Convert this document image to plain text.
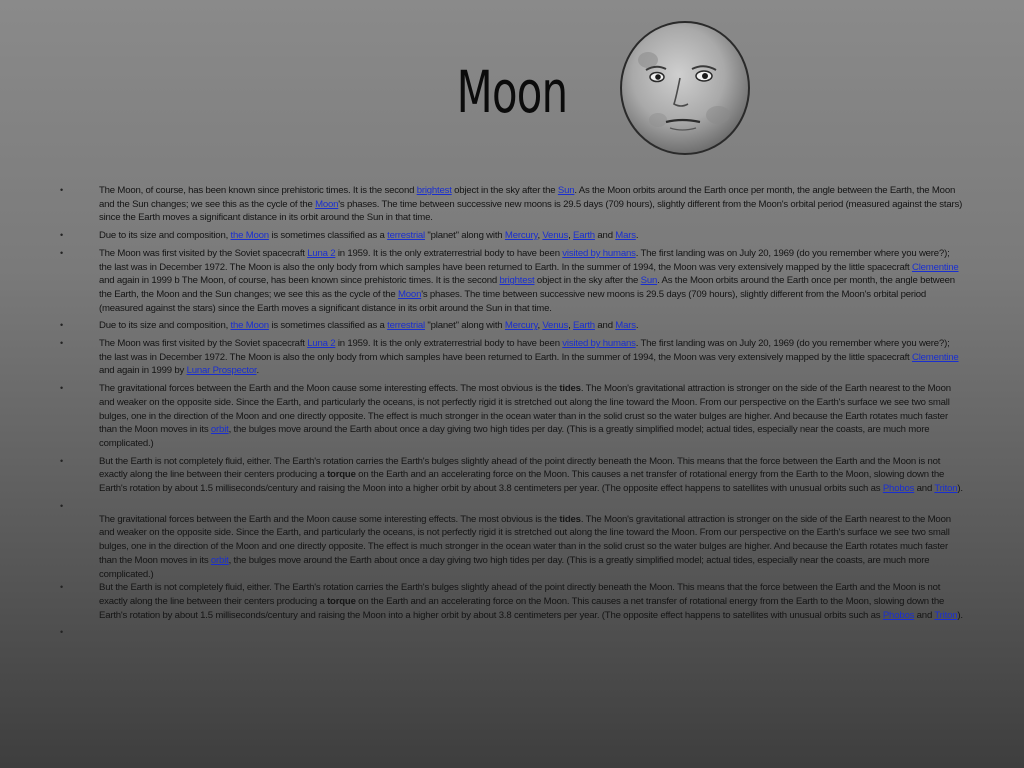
Moon
• The Moon, of course, has been known since prehistoric times. It is the second brightest object in the sky after the Sun. As the Moon orbits around the Earth once per month, the angle between the Earth, the Moon and the Sun changes; we see this as the cycle of the Moon's phases. The time between successive new moons is 29.5 days (709 hours), slightly different from the Moon's orbital period (measured against the stars) since the Earth moves a significant distance in its orbit around the Sun in that time.
• Due to its size and composition, the Moon is sometimes classified as a terrestrial "planet" along with Mercury, Venus, Earth and Mars.
• The Moon was first visited by the Soviet spacecraft Luna 2 in 1959. It is the only extraterrestrial body to have been visited by humans. The first landing was on July 20, 1969 (do you remember where you were?); the last was in December 1972. The Moon is also the only body from which samples have been returned to Earth. In the summer of 1994, the Moon was very extensively mapped by the little spacecraft Clementine and again in 1999 b The Moon, of course, has been known since prehistoric times. It is the second brightest object in the sky after the Sun. As the Moon orbits around the Earth once per month, the angle between the Earth, the Moon and the Sun changes; we see this as the cycle of the Moon's phases. The time between successive new moons is 29.5 days (709 hours), slightly different from the Moon's orbital period (measured against the stars) since the Earth moves a significant distance in its orbit around the Sun in that time.
• Due to its size and composition, the Moon is sometimes classified as a terrestrial "planet" along with Mercury, Venus, Earth and Mars.
• The Moon was first visited by the Soviet spacecraft Luna 2 in 1959. It is the only extraterrestrial body to have been visited by humans. The first landing was on July 20, 1969 (do you remember where you were?); the last was in December 1972. The Moon is also the only body from which samples have been returned to Earth. In the summer of 1994, the Moon was very extensively mapped by the little spacecraft Clementine and again in 1999 by Lunar Prospector.
• The gravitational forces between the Earth and the Moon cause some interesting effects. The most obvious is the tides. The Moon's gravitational attraction is stronger on the side of the Earth nearest to the Moon and weaker on the opposite side. Since the Earth, and particularly the oceans, is not perfectly rigid it is stretched out along the line toward the Moon. From our perspective on the Earth's surface we see two small bulges, one in the direction of the Moon and one directly opposite. The effect is much stronger in the ocean water than in the solid crust so the water bulges are higher. And because the Earth rotates much faster than the Moon moves in its orbit, the bulges move around the Earth about once a day giving two high tides per day. (This is a greatly simplified model; actual tides, especially near the coasts, are much more complicated.)
• But the Earth is not completely fluid, either. The Earth's rotation carries the Earth's bulges slightly ahead of the point directly beneath the Moon. This means that the force between the Earth and the Moon is not exactly along the line between their centers producing a torque on the Earth and an accelerating force on the Moon. This causes a net transfer of rotational energy from the Earth to the Moon, slowing down the Earth's rotation by about 1.5 milliseconds/century and raising the Moon into a higher orbit by about 3.8 centimeters per year. (The opposite effect happens to satellites with unusual orbits such as Phobos and Triton).
• The gravitational forces between the Earth and the Moon cause some interesting effects. The most obvious is the tides. The Moon's gravitational attraction is stronger on the side of the Earth nearest to the Moon and weaker on the opposite side. Since the Earth, and particularly the oceans, is not perfectly rigid it is stretched out along the line toward the Moon. From our perspective on the Earth's surface we see two small bulges, one in the direction of the Moon and one directly opposite. The effect is much stronger in the ocean water than in the solid crust so the water bulges are higher. And because the Earth rotates much faster than the Moon moves in its orbit, the bulges move around the Earth about once a day giving two high tides per day. (This is a greatly simplified model; actual tides, especially near the coasts, are much more complicated.)
• But the Earth is not completely fluid, either. The Earth's rotation carries the Earth's bulges slightly ahead of the point directly beneath the Moon. This means that the force between the Earth and the Moon is not exactly along the line between their centers producing a torque on the Earth and an accelerating force on the Moon. This causes a net transfer of rotational energy from the Earth to the Moon, slowing down the Earth's rotation by about 1.5 milliseconds/century and raising the Moon into a higher orbit by about 3.8 centimeters per year. (The opposite effect happens to satellites with unusual orbits such as Phobos and Triton).
•
